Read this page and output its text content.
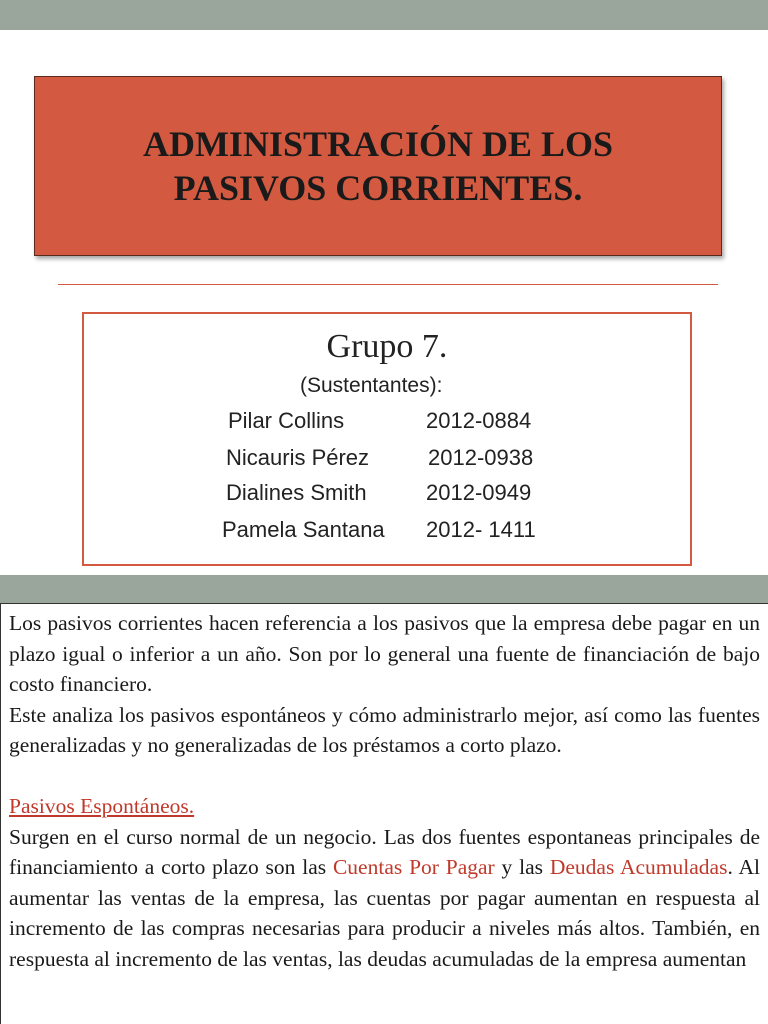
ADMINISTRACIÓN DE LOS
PASIVOS CORRIENTES.
Grupo 7.
(Sustentantes):
Pilar Collins	2012-0884
Nicauris Pérez	2012-0938
Dialines Smith	2012-0949
Pamela Santana 2012- 1411

Los pasivos corrientes hacen referencia a los pasivos que la empresa debe pagar en un plazo igual o inferior a un año. Son por lo general una fuente de financiación de bajo costo financiero.

Este analiza los pasivos espontáneos y cómo administrarlo mejor, así como las fuentes generalizadas y no generalizadas de los préstamos a corto plazo.

Pasivos Espontáneos.

Surgen en el curso normal de un negocio. Las dos fuentes espontaneas principales de financiamiento a corto plazo son las Cuentas Por Pagar y las Deudas Acumuladas. Al aumentar las ventas de la empresa, las cuentas por pagar aumentan en respuesta al incremento de las compras necesarias para producir a niveles más altos. También, en respuesta al incremento de las ventas, las deudas acumuladas de la empresa aumentan
